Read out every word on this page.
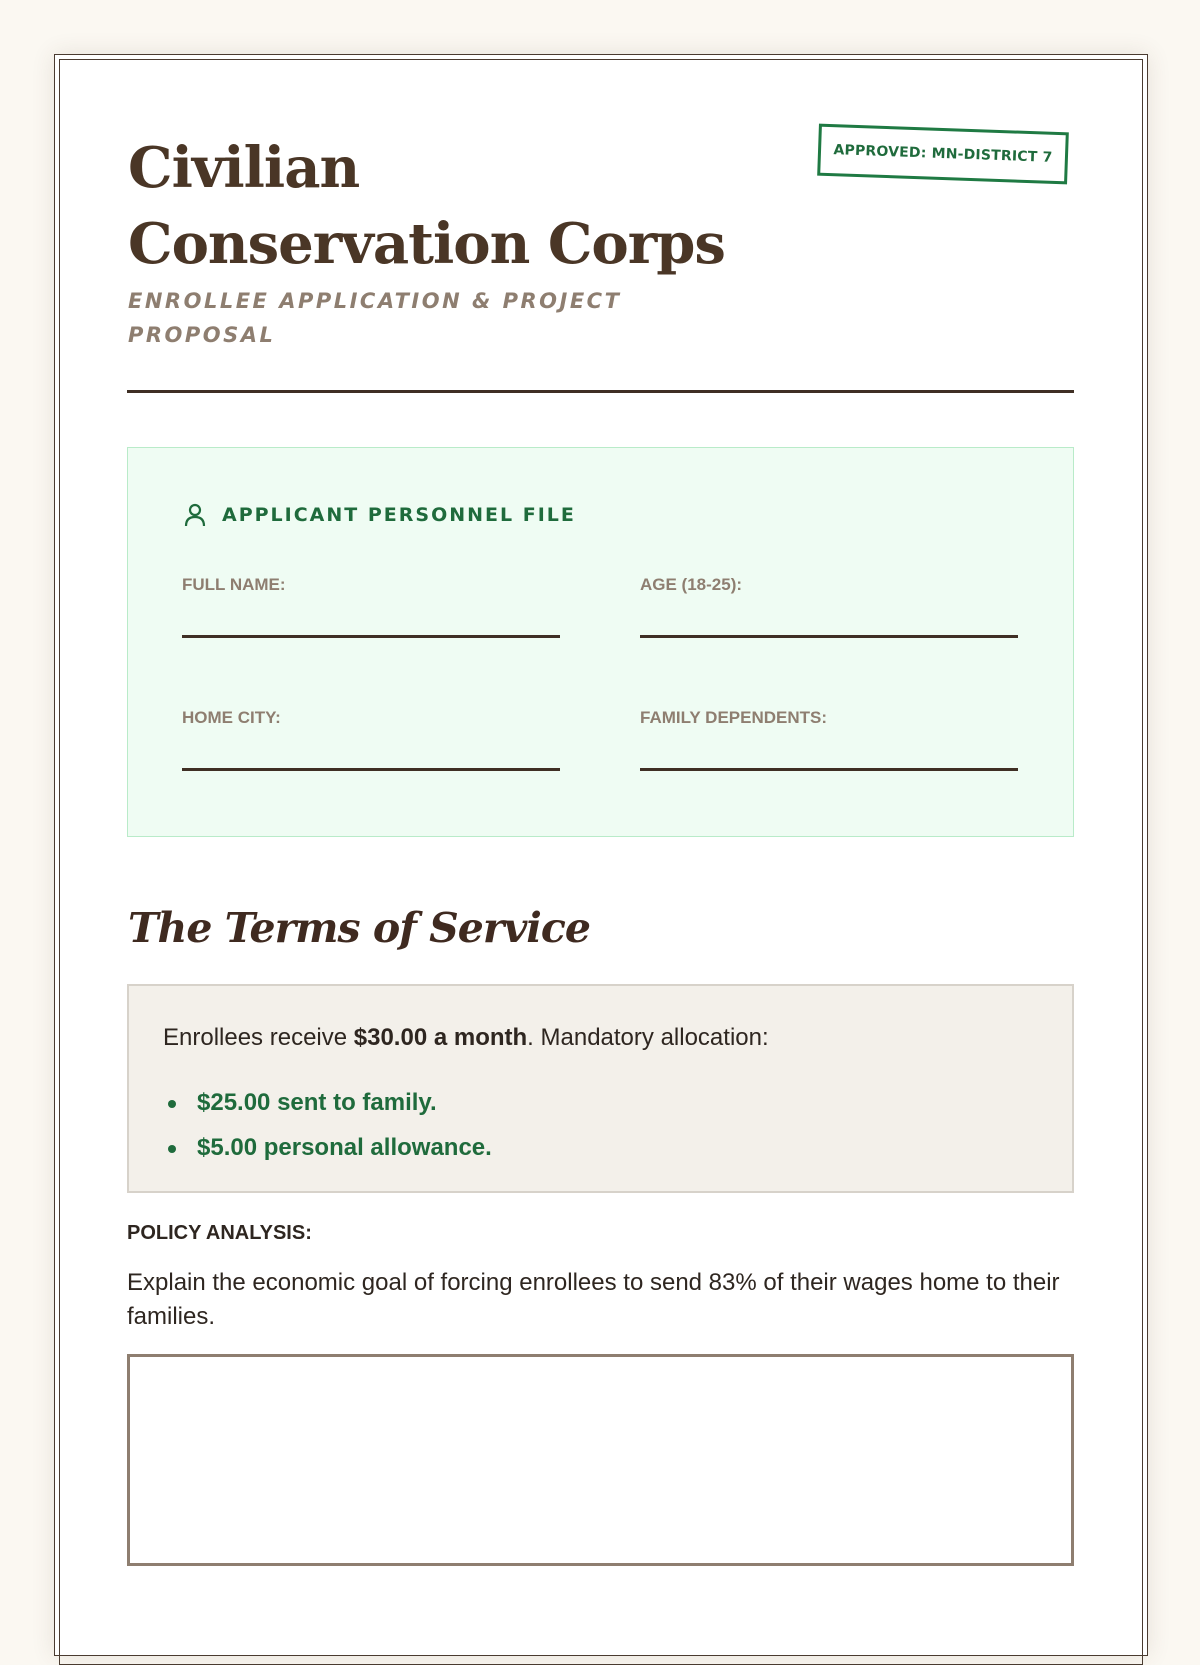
Civilian Conservation Corps

ENROLLEE APPLICATION & PROJECT PROPOSAL

APPROVED: MN-DISTRICT 7
APPLICANT PERSONNEL FILE
FULL NAME:	AGE (18-25):
HOME CITY:	FAMILY DEPENDENTS:
The Terms of Service

Enrollees receive $30.00 a month. Mandatory allocation:

$25.00 sent to family.
$5.00 personal allowance.

POLICY ANALYSIS:

Explain the economic goal of forcing enrollees to send 83% of their wages home to their families.
